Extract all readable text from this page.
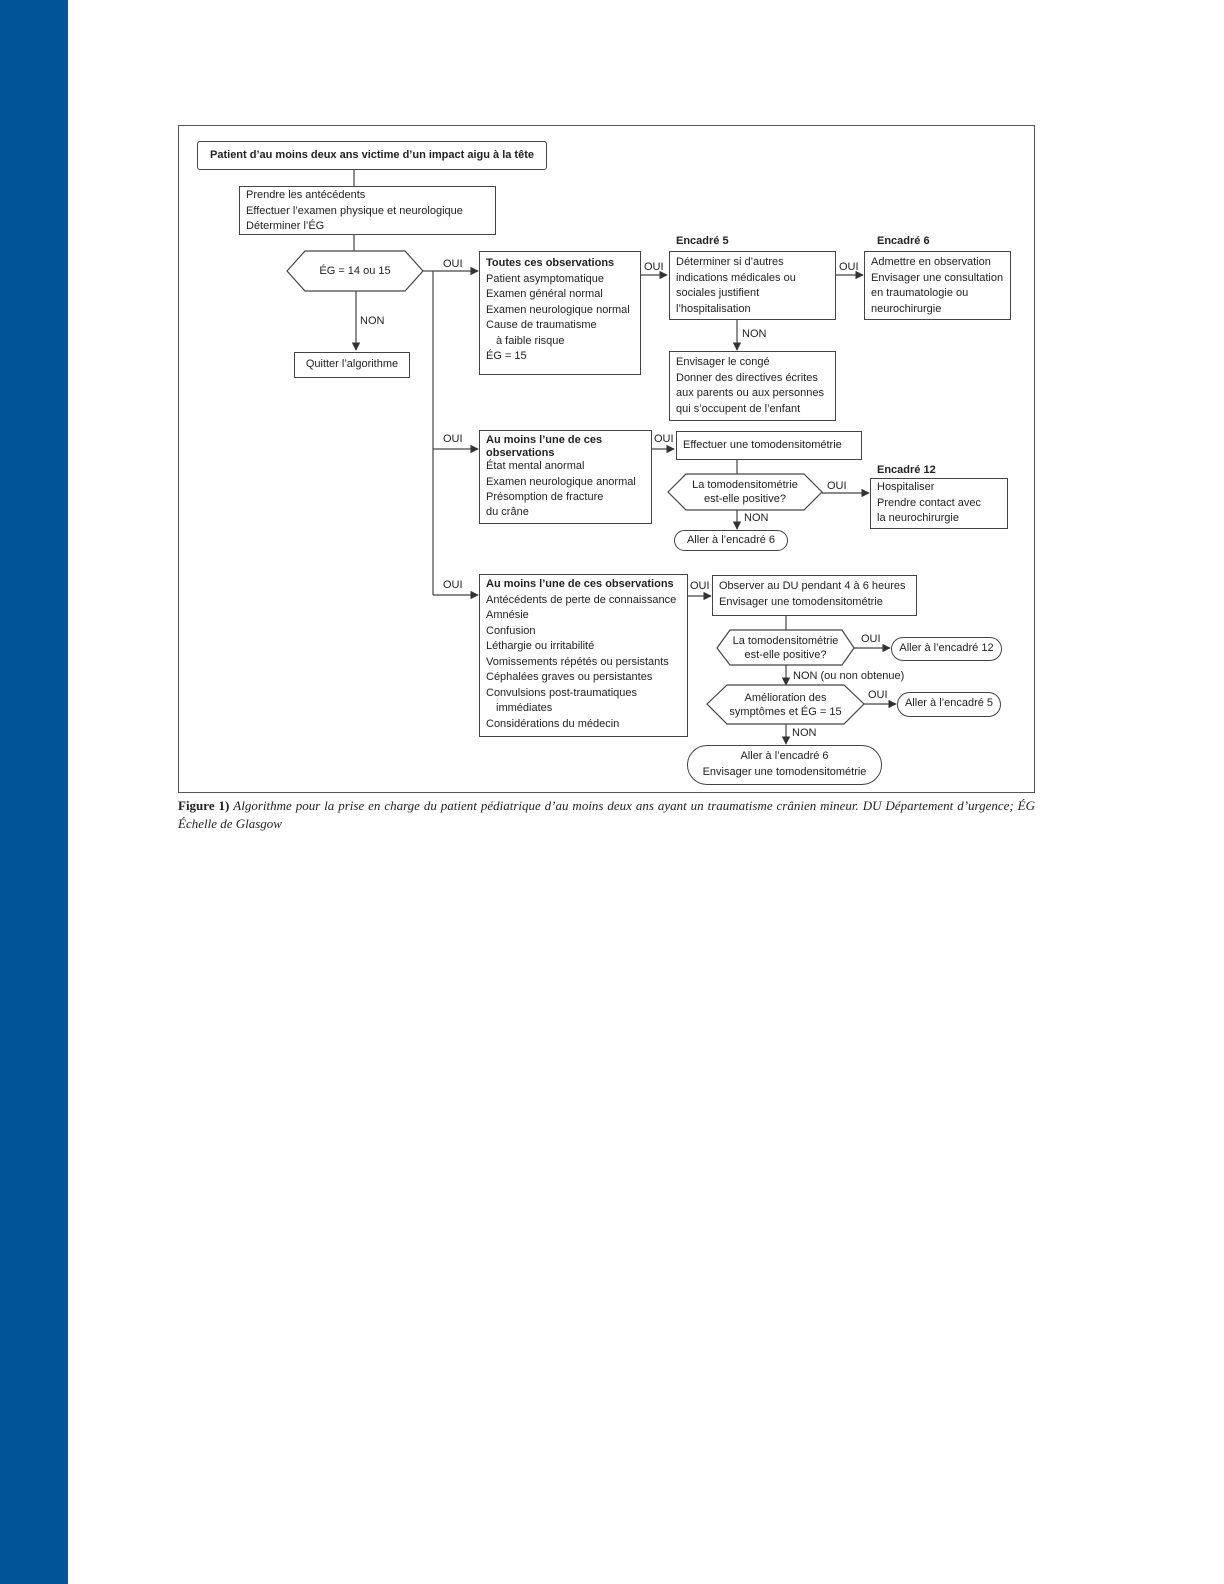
Patient d’au moins deux ans victime d’un impact aigu à la tête
Prendre les antécédents
Effectuer l’examen physique et neurologique
Déterminer l’ÉG
ÉG = 14 ou 15
NON
Quitter l’algorithme
OUI
OUI
OUI
Toutes ces observations
Patient asymptomatique
Examen général normal
Examen neurologique normal
Cause de traumatisme
à faible risque
ÉG = 15
OUI
Encadré 5
Déterminer si d’autres
indications médicales ou
sociales justifient
l’hospitalisation
OUI
Encadré 6
Admettre en observation
Envisager une consultation
en traumatologie ou
neurochirurgie
NON
Envisager le congé
Donner des directives écrites
aux parents ou aux personnes
qui s’occupent de l’enfant
Au moins l’une de ces
observations
État mental anormal
Examen neurologique anormal
Présomption de fracture
du crâne
OUI Effectuer une tomodensitométrie
La tomodensitométrie
est-elle positive?
OUI
Encadré 12
Hospitaliser
Prendre contact avec
la neurochirurgie
NON
Aller à l’encadré 6
Au moins l’une de ces observations
Antécédents de perte de connaissance
Amnésie
Confusion
Léthargie ou irritabilité
Vomissements répétés ou persistants
Céphalées graves ou persistantes
Convulsions post-traumatiques
immédiates
Considérations du médecin
OUI Observer au DU pendant 4 à 6 heures
Envisager une tomodensitométrie
La tomodensitométrie
est-elle positive?
OUI
Aller à l’encadré 12
NON (ou non obtenue)
Amélioration des
symptômes et ÉG = 15
OUI
Aller à l’encadré 5
NON
Aller à l’encadré 6
Envisager une tomodensitométrie
Figure 1) Algorithme pour la prise en charge du patient pédiatrique d’au moins deux ans ayant un traumatisme crânien mineur. DU Département d’urgence; ÉG Échelle de Glasgow
